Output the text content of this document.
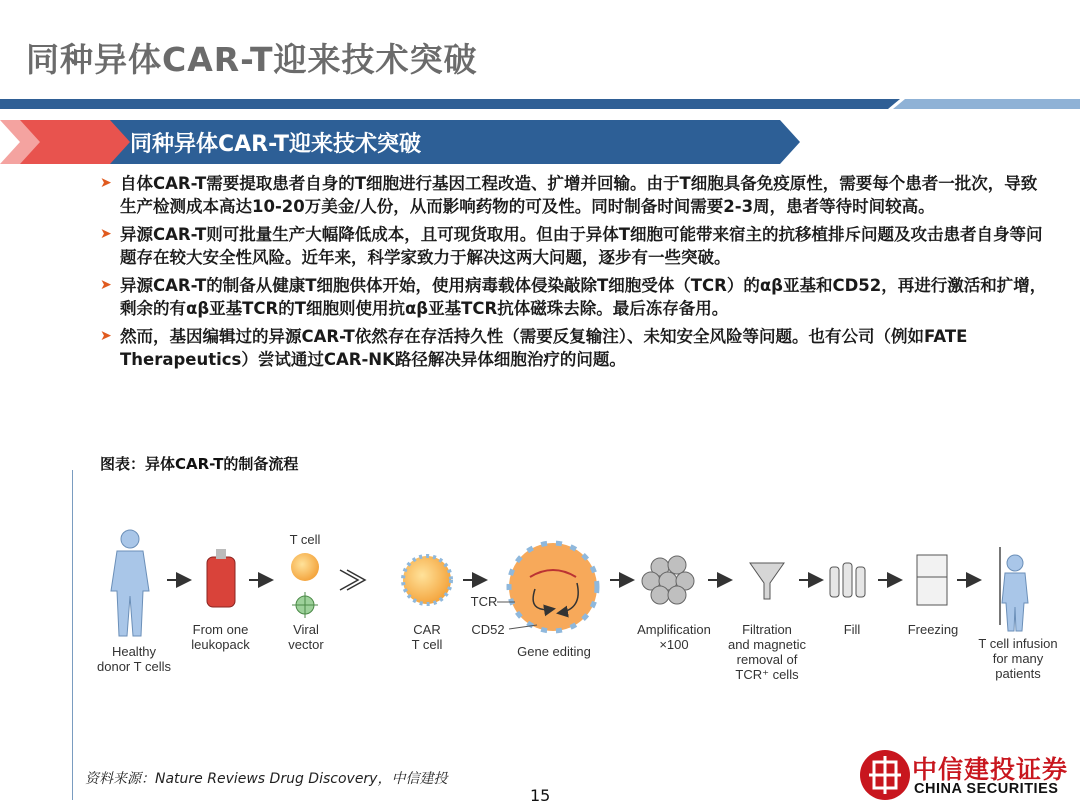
同种异体CAR-T迎来技术突破
同种异体CAR-T迎来技术突破
➤ 自体CAR-T需要提取患者自身的T细胞进行基因工程改造、扩增并回输。由于T细胞具备免疫原性，需要每个患者一批次，导致生产检测成本高达10-20万美金/人份，从而影响药物的可及性。同时制备时间需要2-3周，患者等待时间较高。
➤ 异源CAR-T则可批量生产大幅降低成本，且可现货取用。但由于异体T细胞可能带来宿主的抗移植排斥问题及攻击患者自身等问题存在较大安全性风险。近年来，科学家致力于解决这两大问题，逐步有一些突破。
➤ 异源CAR-T的制备从健康T细胞供体开始，使用病毒载体侵染敲除T细胞受体（TCR）的αβ亚基和CD52，再进行激活和扩增，剩余的有αβ亚基TCR的T细胞则使用抗αβ亚基TCR抗体磁珠去除。最后冻存备用。
➤ 然而，基因编辑过的异源CAR-T依然存在存活持久性（需要反复输注）、未知安全风险等问题。也有公司（例如FATE Therapeutics）尝试通过CAR-NK路径解决异体细胞治疗的问题。
图表：异体CAR-T的制备流程
Healthy
donor T cells
From one
leukopack
T cell
Viral
vector
CAR
T cell
TCR
CD52
Gene editing
Amplification
×100
Filtration
and magnetic
removal of
TCR⁺ cells
Fill	Freezing
T cell infusion
for many
patients
资料来源：Nature Reviews Drug Discovery，中信建投
15
中信建投证券
CHINA SECURITIES
